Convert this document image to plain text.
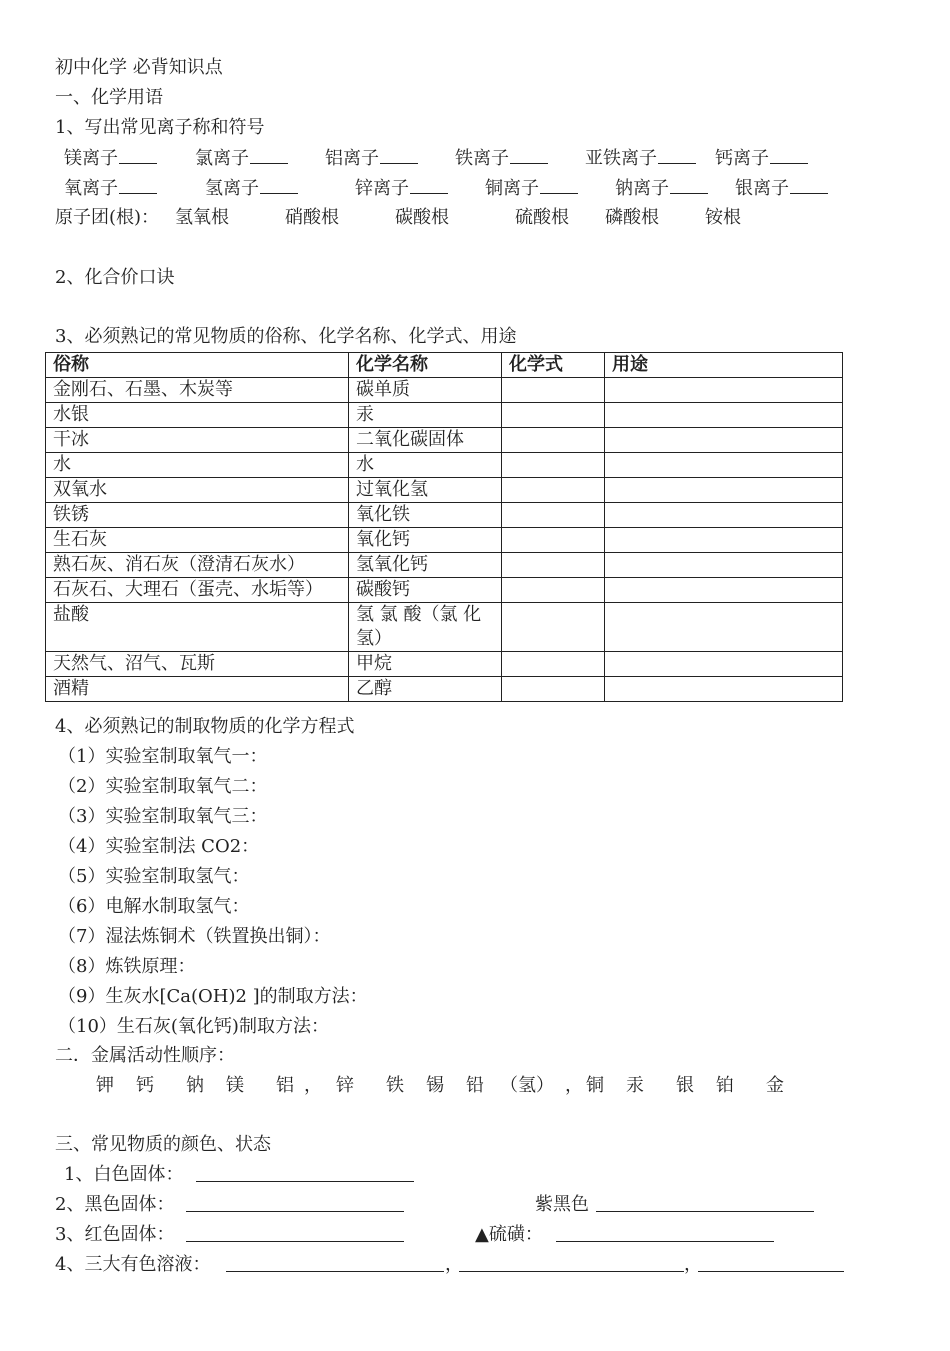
初中化学 必背知识点
一、化学用语
1、写出常见离子称和符号
镁离子	氯离子	铝离子	铁离子	亚铁离子	钙离子
氧离子	氢离子	锌离子	铜离子	钠离子	银离子
原子团(根)： 氢氧根	硝酸根	碳酸根	硫酸根 磷酸根	铵根
2、化合价口诀
3、必须熟记的常见物质的俗称、化学名称、化学式、用途
俗称	化学名称	化学式	用途
金刚石、石墨、木炭等	碳单质		
水银	汞		
干冰	二氧化碳固体		
水	水		
双氧水	过氧化氢		
铁锈	氧化铁		
生石灰	氧化钙		
熟石灰、消石灰（澄清石灰水）	氢氧化钙		
石灰石、大理石（蛋壳、水垢等）	碳酸钙		
盐酸	氢 氯 酸（氯 化 氢）		
天然气、沼气、瓦斯	甲烷		
酒精	乙醇		
4、必须熟记的制取物质的化学方程式
（1）实验室制取氧气一：
（2）实验室制取氧气二：
（3）实验室制取氧气三：
（4）实验室制法 CO2：
（5）实验室制取氢气：
（6）电解水制取氢气：
（7）湿法炼铜术（铁置换出铜）：
（8）炼铁原理：
（9）生灰水[Ca(OH)2 ]的制取方法：
（10）生石灰(氧化钙)制取方法：
二．金属活动性顺序：
钾 钙 钠 镁 铝 ， 锌 铁 锡 铅 （氢） ， 铜 汞 银 铂 金
三、常见物质的颜色、状态
1、白色固体：
2、黑色固体：	紫黑色
3、红色固体：	▲硫磺：
4、三大有色溶液：	，	，
